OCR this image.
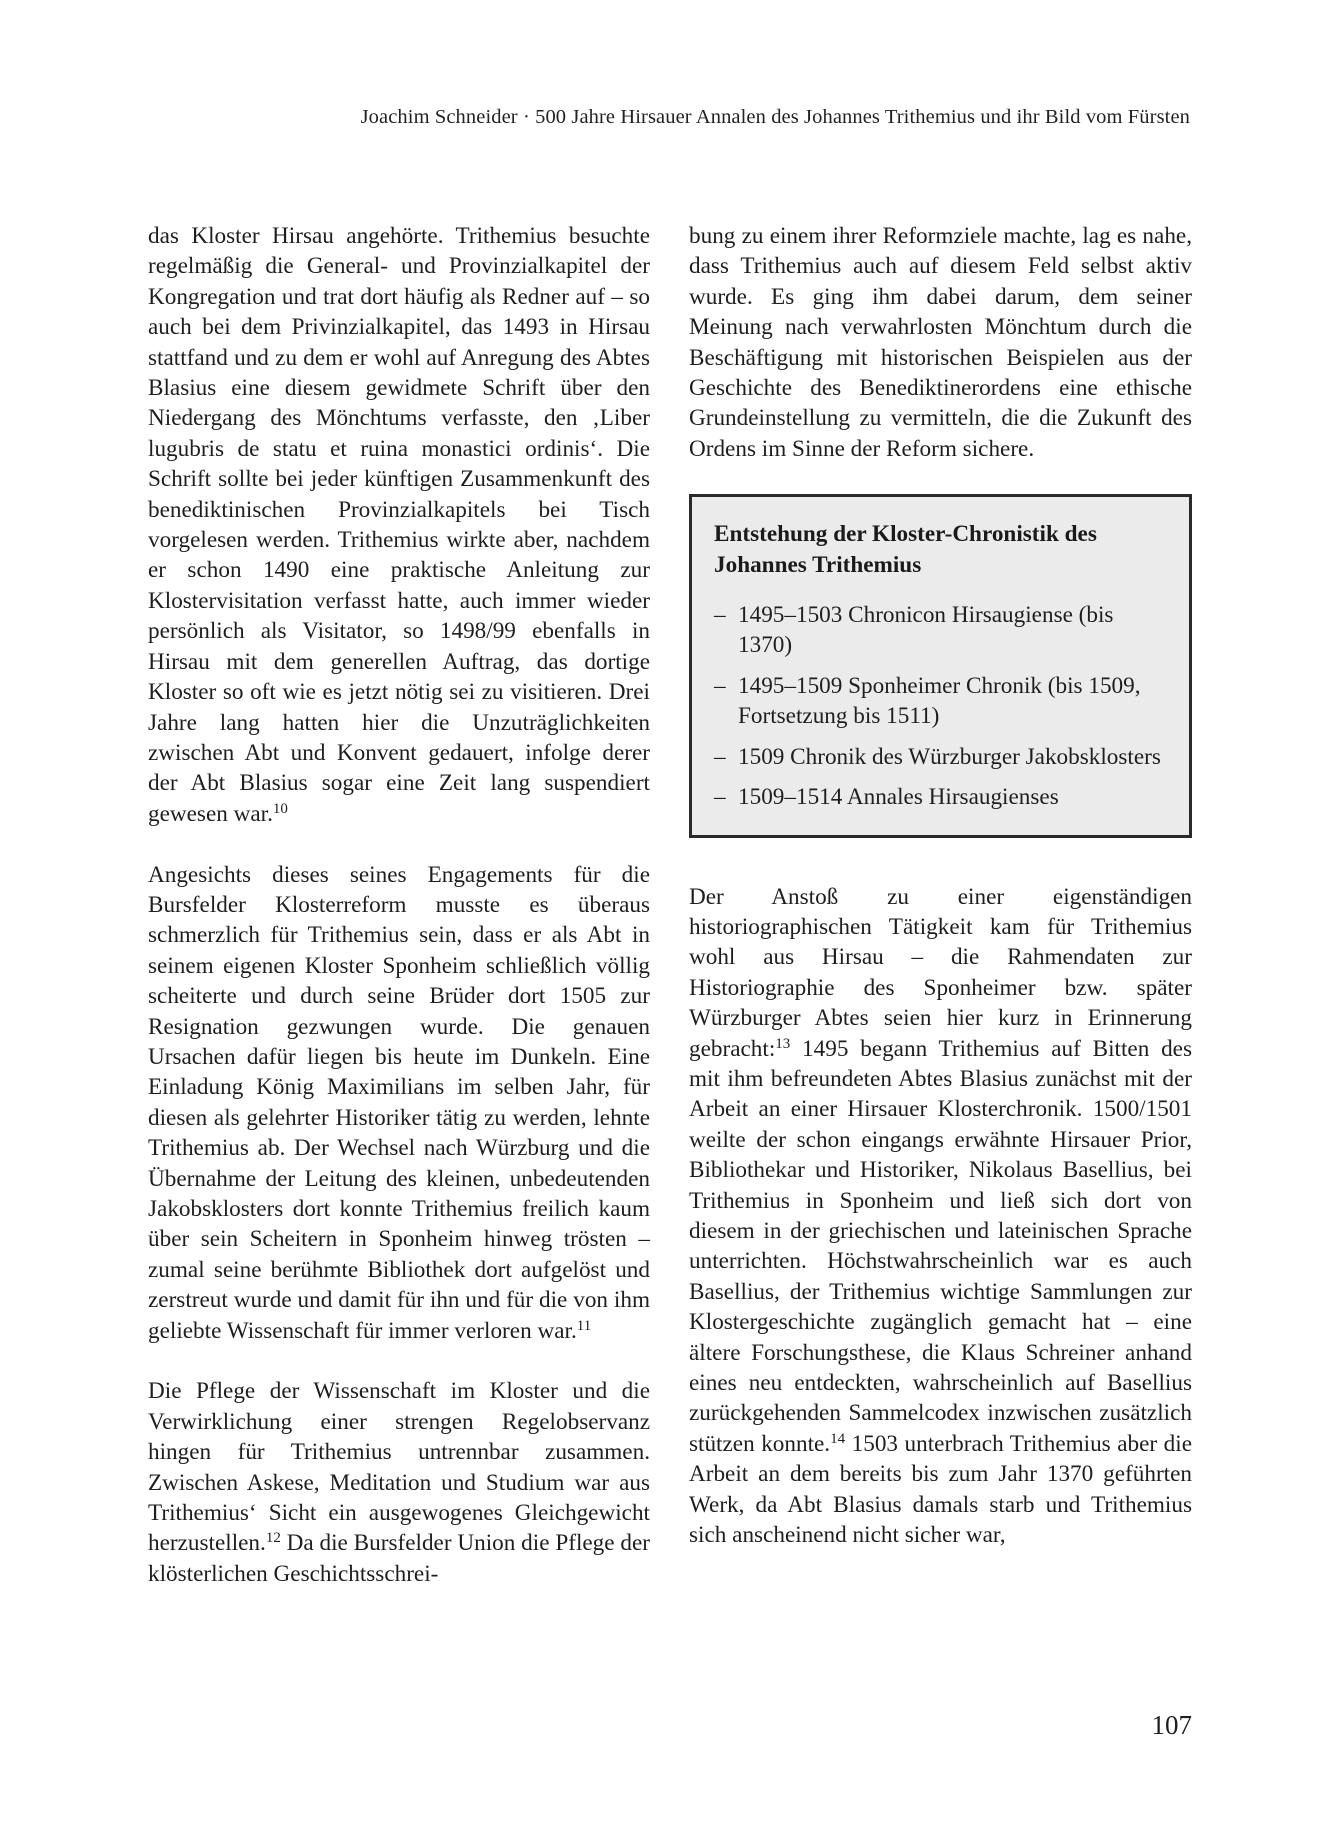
Joachim Schneider · 500 Jahre Hirsauer Annalen des Johannes Trithemius und ihr Bild vom Fürsten

das Kloster Hirsau angehörte. Trithemius besuchte regelmäßig die General- und Provinzialkapitel der Kongregation und trat dort häufig als Redner auf – so auch bei dem Privinzialkapitel, das 1493 in Hirsau stattfand und zu dem er wohl auf Anregung des Abtes Blasius eine diesem gewidmete Schrift über den Niedergang des Mönchtums verfasste, den ‚Liber lugubris de statu et ruina monastici ordinis‘. Die Schrift sollte bei jeder künftigen Zusammenkunft des benediktinischen Provinzialkapitels bei Tisch vorgelesen werden. Trithemius wirkte aber, nachdem er schon 1490 eine praktische Anleitung zur Klostervisitation verfasst hatte, auch immer wieder persönlich als Visitator, so 1498/99 ebenfalls in Hirsau mit dem generellen Auftrag, das dortige Kloster so oft wie es jetzt nötig sei zu visitieren. Drei Jahre lang hatten hier die Unzuträglichkeiten zwischen Abt und Konvent gedauert, infolge derer der Abt Blasius sogar eine Zeit lang suspendiert gewesen war.$^{10}$

Angesichts dieses seines Engagements für die Bursfelder Klosterreform musste es überaus schmerzlich für Trithemius sein, dass er als Abt in seinem eigenen Kloster Sponheim schließlich völlig scheiterte und durch seine Brüder dort 1505 zur Resignation gezwungen wurde. Die genauen Ursachen dafür liegen bis heute im Dunkeln. Eine Einladung König Maximilians im selben Jahr, für diesen als gelehrter Historiker tätig zu werden, lehnte Trithemius ab. Der Wechsel nach Würzburg und die Übernahme der Leitung des kleinen, unbedeutenden Jakobsklosters dort konnte Trithemius freilich kaum über sein Scheitern in Sponheim hinweg trösten – zumal seine berühmte Bibliothek dort aufgelöst und zerstreut wurde und damit für ihn und für die von ihm geliebte Wissenschaft für immer verloren war.$^{11}$

Die Pflege der Wissenschaft im Kloster und die Verwirklichung einer strengen Regelobservanz hingen für Trithemius untrennbar zusammen. Zwischen Askese, Meditation und Studium war aus Trithemius‘ Sicht ein ausgewogenes Gleichgewicht herzustellen.$^{12}$ Da die Bursfelder Union die Pflege der klösterlichen Geschichtsschrei-

bung zu einem ihrer Reformziele machte, lag es nahe, dass Trithemius auch auf diesem Feld selbst aktiv wurde. Es ging ihm dabei darum, dem seiner Meinung nach verwahrlosten Mönchtum durch die Beschäftigung mit historischen Beispielen aus der Geschichte des Benediktinerordens eine ethische Grundeinstellung zu vermitteln, die die Zukunft des Ordens im Sinne der Reform sichere.

Entstehung der Kloster-Chronistik des Johannes Trithemius
– 1495–1503 Chronicon Hirsaugiense (bis 1370)
– 1495–1509 Sponheimer Chronik (bis 1509, Fortsetzung bis 1511)
– 1509 Chronik des Würzburger Jakobsklosters
– 1509–1514 Annales Hirsaugienses

Der Anstoß zu einer eigenständigen historiographischen Tätigkeit kam für Trithemius wohl aus Hirsau – die Rahmendaten zur Historiographie des Sponheimer bzw. später Würzburger Abtes seien hier kurz in Erinnerung gebracht:$^{13}$ 1495 begann Trithemius auf Bitten des mit ihm befreundeten Abtes Blasius zunächst mit der Arbeit an einer Hirsauer Klosterchronik. 1500/1501 weilte der schon eingangs erwähnte Hirsauer Prior, Bibliothekar und Historiker, Nikolaus Basellius, bei Trithemius in Sponheim und ließ sich dort von diesem in der griechischen und lateinischen Sprache unterrichten. Höchstwahrscheinlich war es auch Basellius, der Trithemius wichtige Sammlungen zur Klostergeschichte zugänglich gemacht hat – eine ältere Forschungsthese, die Klaus Schreiner anhand eines neu entdeckten, wahrscheinlich auf Basellius zurückgehenden Sammelcodex inzwischen zusätzlich stützen konnte.$^{14}$ 1503 unterbrach Trithemius aber die Arbeit an dem bereits bis zum Jahr 1370 geführten Werk, da Abt Blasius damals starb und Trithemius sich anscheinend nicht sicher war,

107
